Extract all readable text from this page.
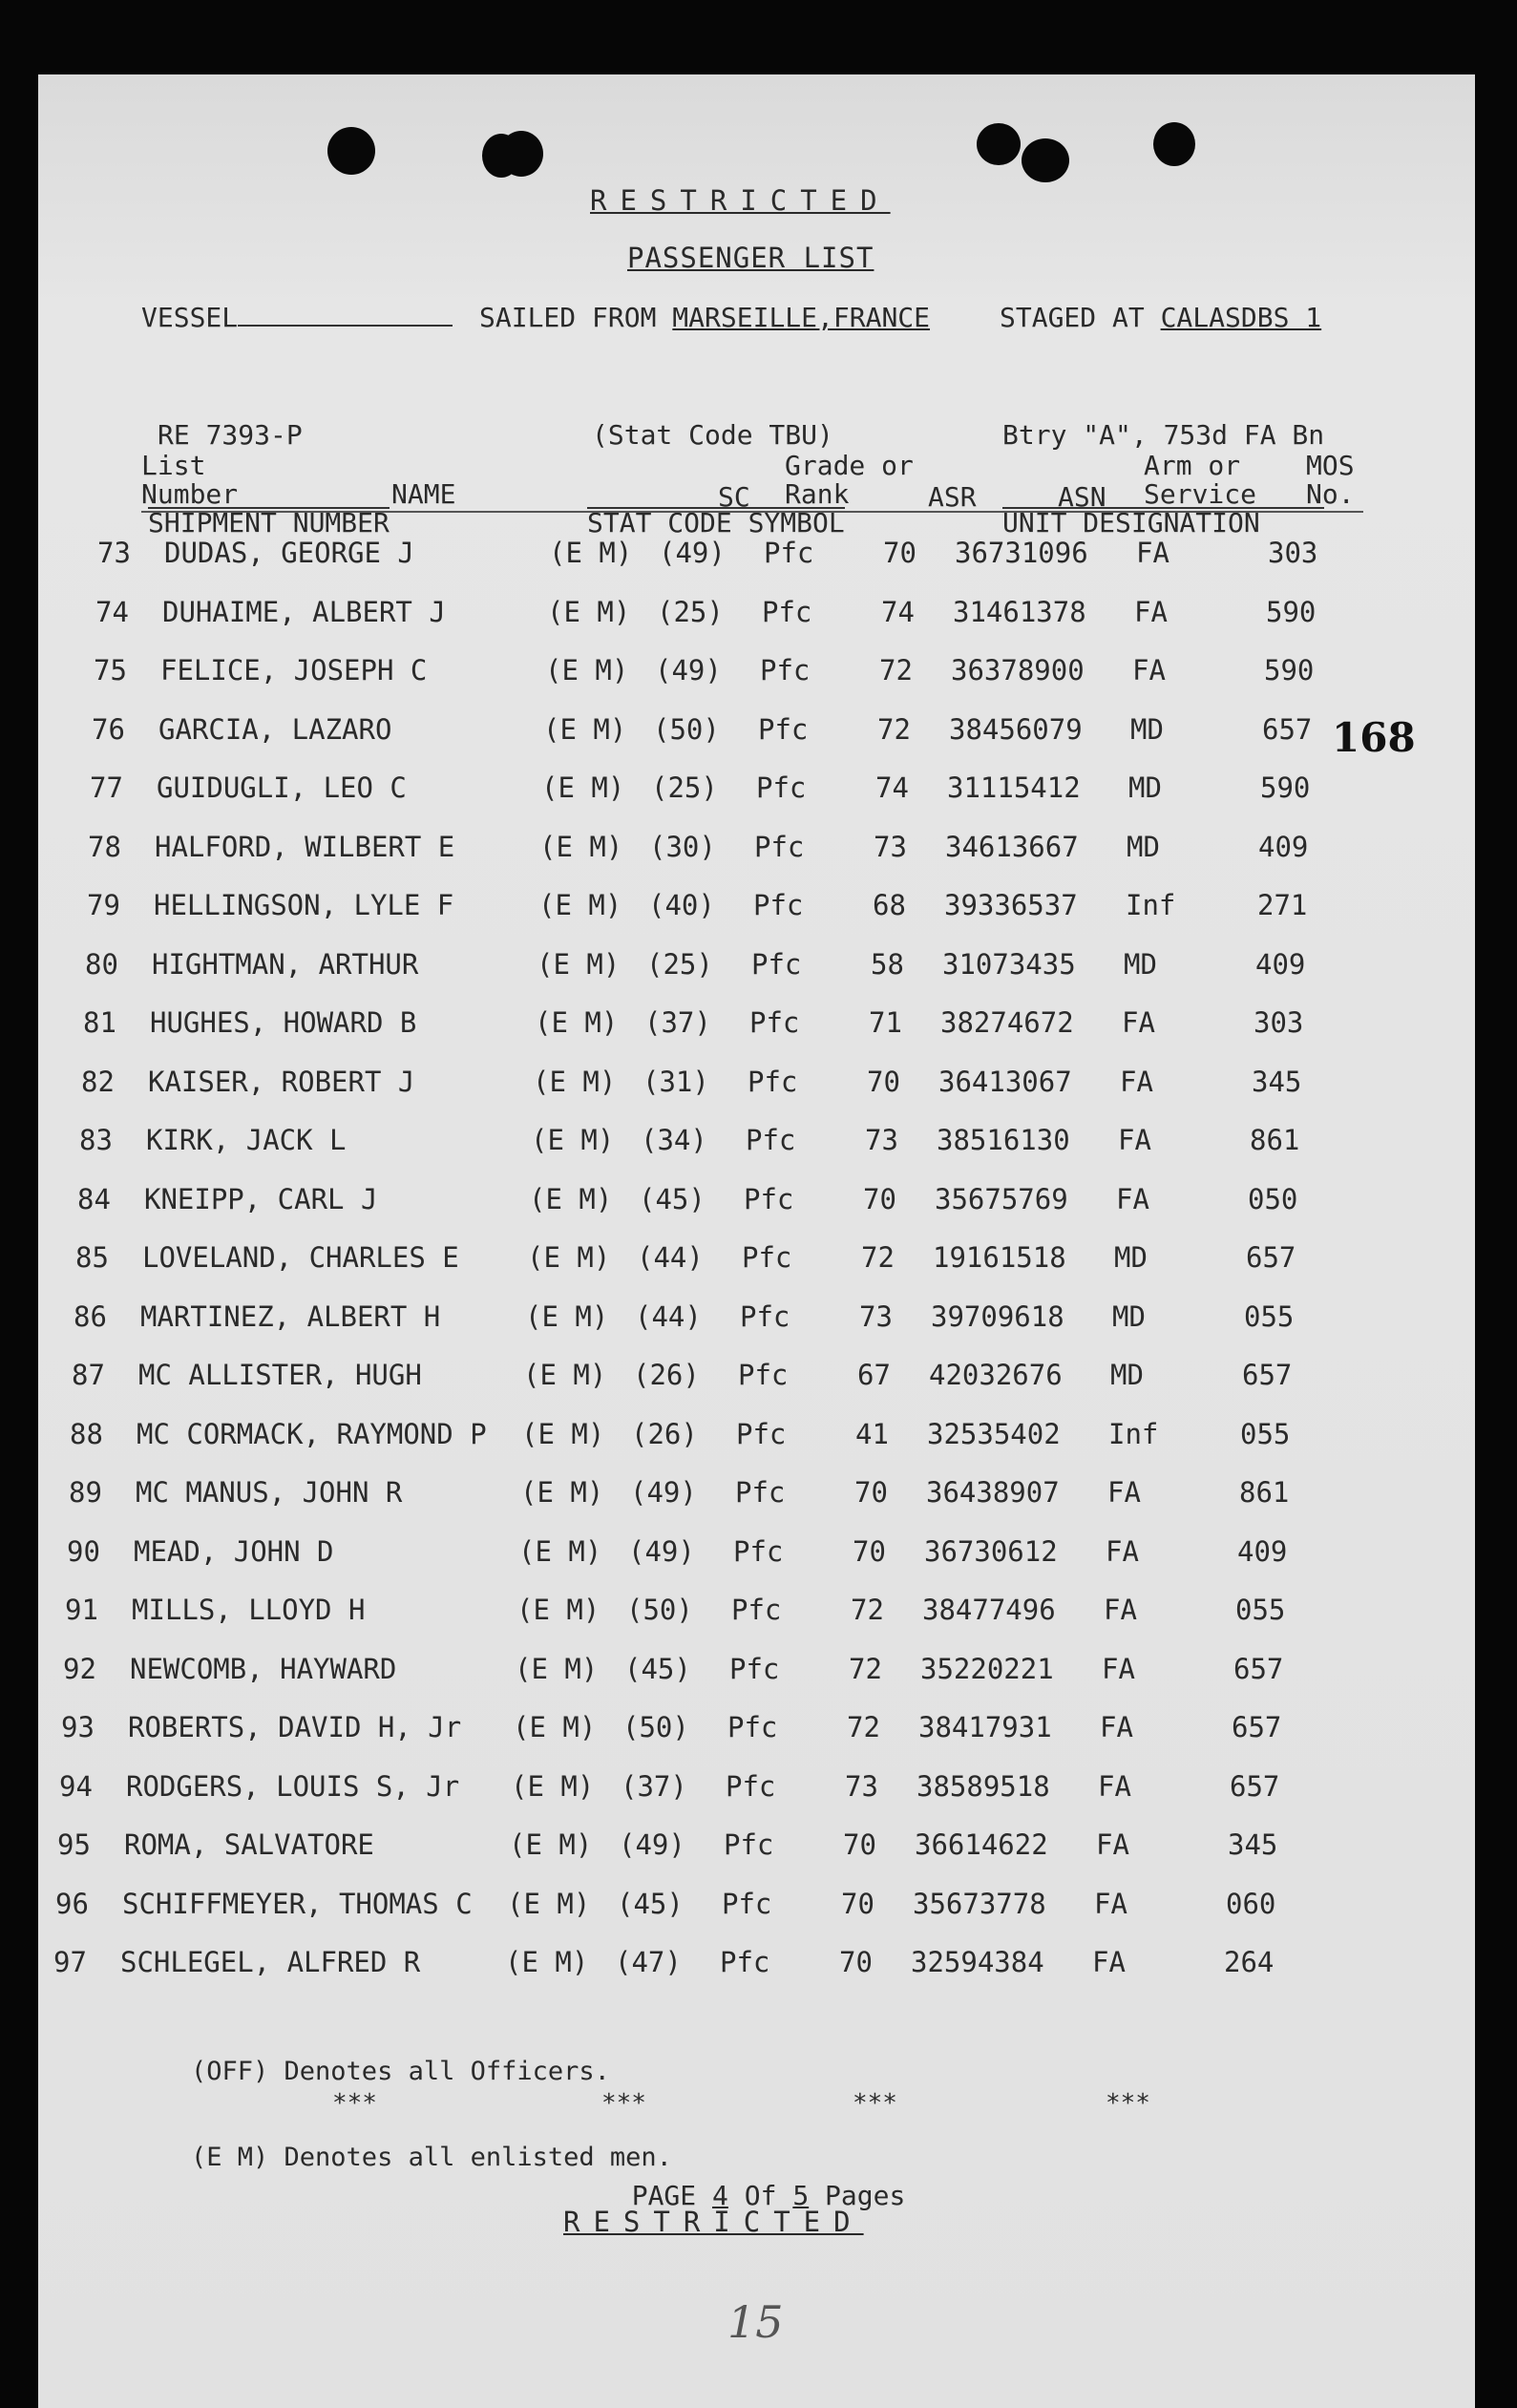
RESTRICTED
PASSENGER LIST
VESSEL	SAILED FROM MARSEILLE,FRANCE	STAGED AT CALASDBS 1

RE 7393-P

SHIPMENT NUMBER

(Stat Code TBU)

STAT CODE SYMBOL

Btry "A", 753d FA Bn

UNIT DESIGNATION

List
Number	NAME	SC
Grade or
Rank	ASR	ASN
Arm or
Service
MOS
No.
73 DUDAS, GEORGE J	(E M) (49) Pfc	70 36731096 FA	303
74 DUHAIME, ALBERT J	(E M) (25) Pfc	74 31461378 FA	590
75 FELICE, JOSEPH C	(E M) (49) Pfc	72 36378900 FA	590
76 GARCIA, LAZARO	(E M) (50) Pfc	72 38456079 MD	657
77 GUIDUGLI, LEO C	(E M) (25) Pfc	74 31115412 MD	590
78 HALFORD, WILBERT E	(E M) (30) Pfc	73 34613667 MD	409
79 HELLINGSON, LYLE F	(E M) (40) Pfc	68 39336537 Inf	271
80 HIGHTMAN, ARTHUR	(E M) (25) Pfc	58 31073435 MD	409
81 HUGHES, HOWARD B	(E M) (37) Pfc	71 38274672 FA	303
82 KAISER, ROBERT J	(E M) (31) Pfc	70 36413067 FA	345
83 KIRK, JACK L	(E M) (34) Pfc	73 38516130 FA	861
84 KNEIPP, CARL J	(E M) (45) Pfc	70 35675769 FA	050
85 LOVELAND, CHARLES E (E M) (44) Pfc	72 19161518 MD	657
86 MARTINEZ, ALBERT H	(E M) (44) Pfc	73 39709618 MD	055
87 MC ALLISTER, HUGH	(E M) (26) Pfc	67 42032676 MD	657
88 MC CORMACK, RAYMOND P (E M) (26) Pfc	41 32535402 Inf	055
89 MC MANUS, JOHN R	(E M) (49) Pfc	70 36438907 FA	861
90 MEAD, JOHN D	(E M) (49) Pfc	70 36730612 FA	409
91 MILLS, LLOYD H	(E M) (50) Pfc	72 38477496 FA	055
92 NEWCOMB, HAYWARD	(E M) (45) Pfc	72 35220221 FA	657
93 ROBERTS, DAVID H, Jr (E M) (50) Pfc	72 38417931 FA	657
94 RODGERS, LOUIS S, Jr (E M) (37) Pfc	73 38589518 FA	657
95 ROMA, SALVATORE	(E M) (49) Pfc	70 36614622 FA	345
96 SCHIFFMEYER, THOMAS C (E M) (45) Pfc	70 35673778 FA	060
97 SCHLEGEL, ALFRED R	(E M) (47) Pfc	70 32594384 FA	264

(OFF) Denotes all Officers.

(E M) Denotes all enlisted men.

***	***	***	***

PAGE 4 Of 5 Pages

RESTRICTED
168
15
